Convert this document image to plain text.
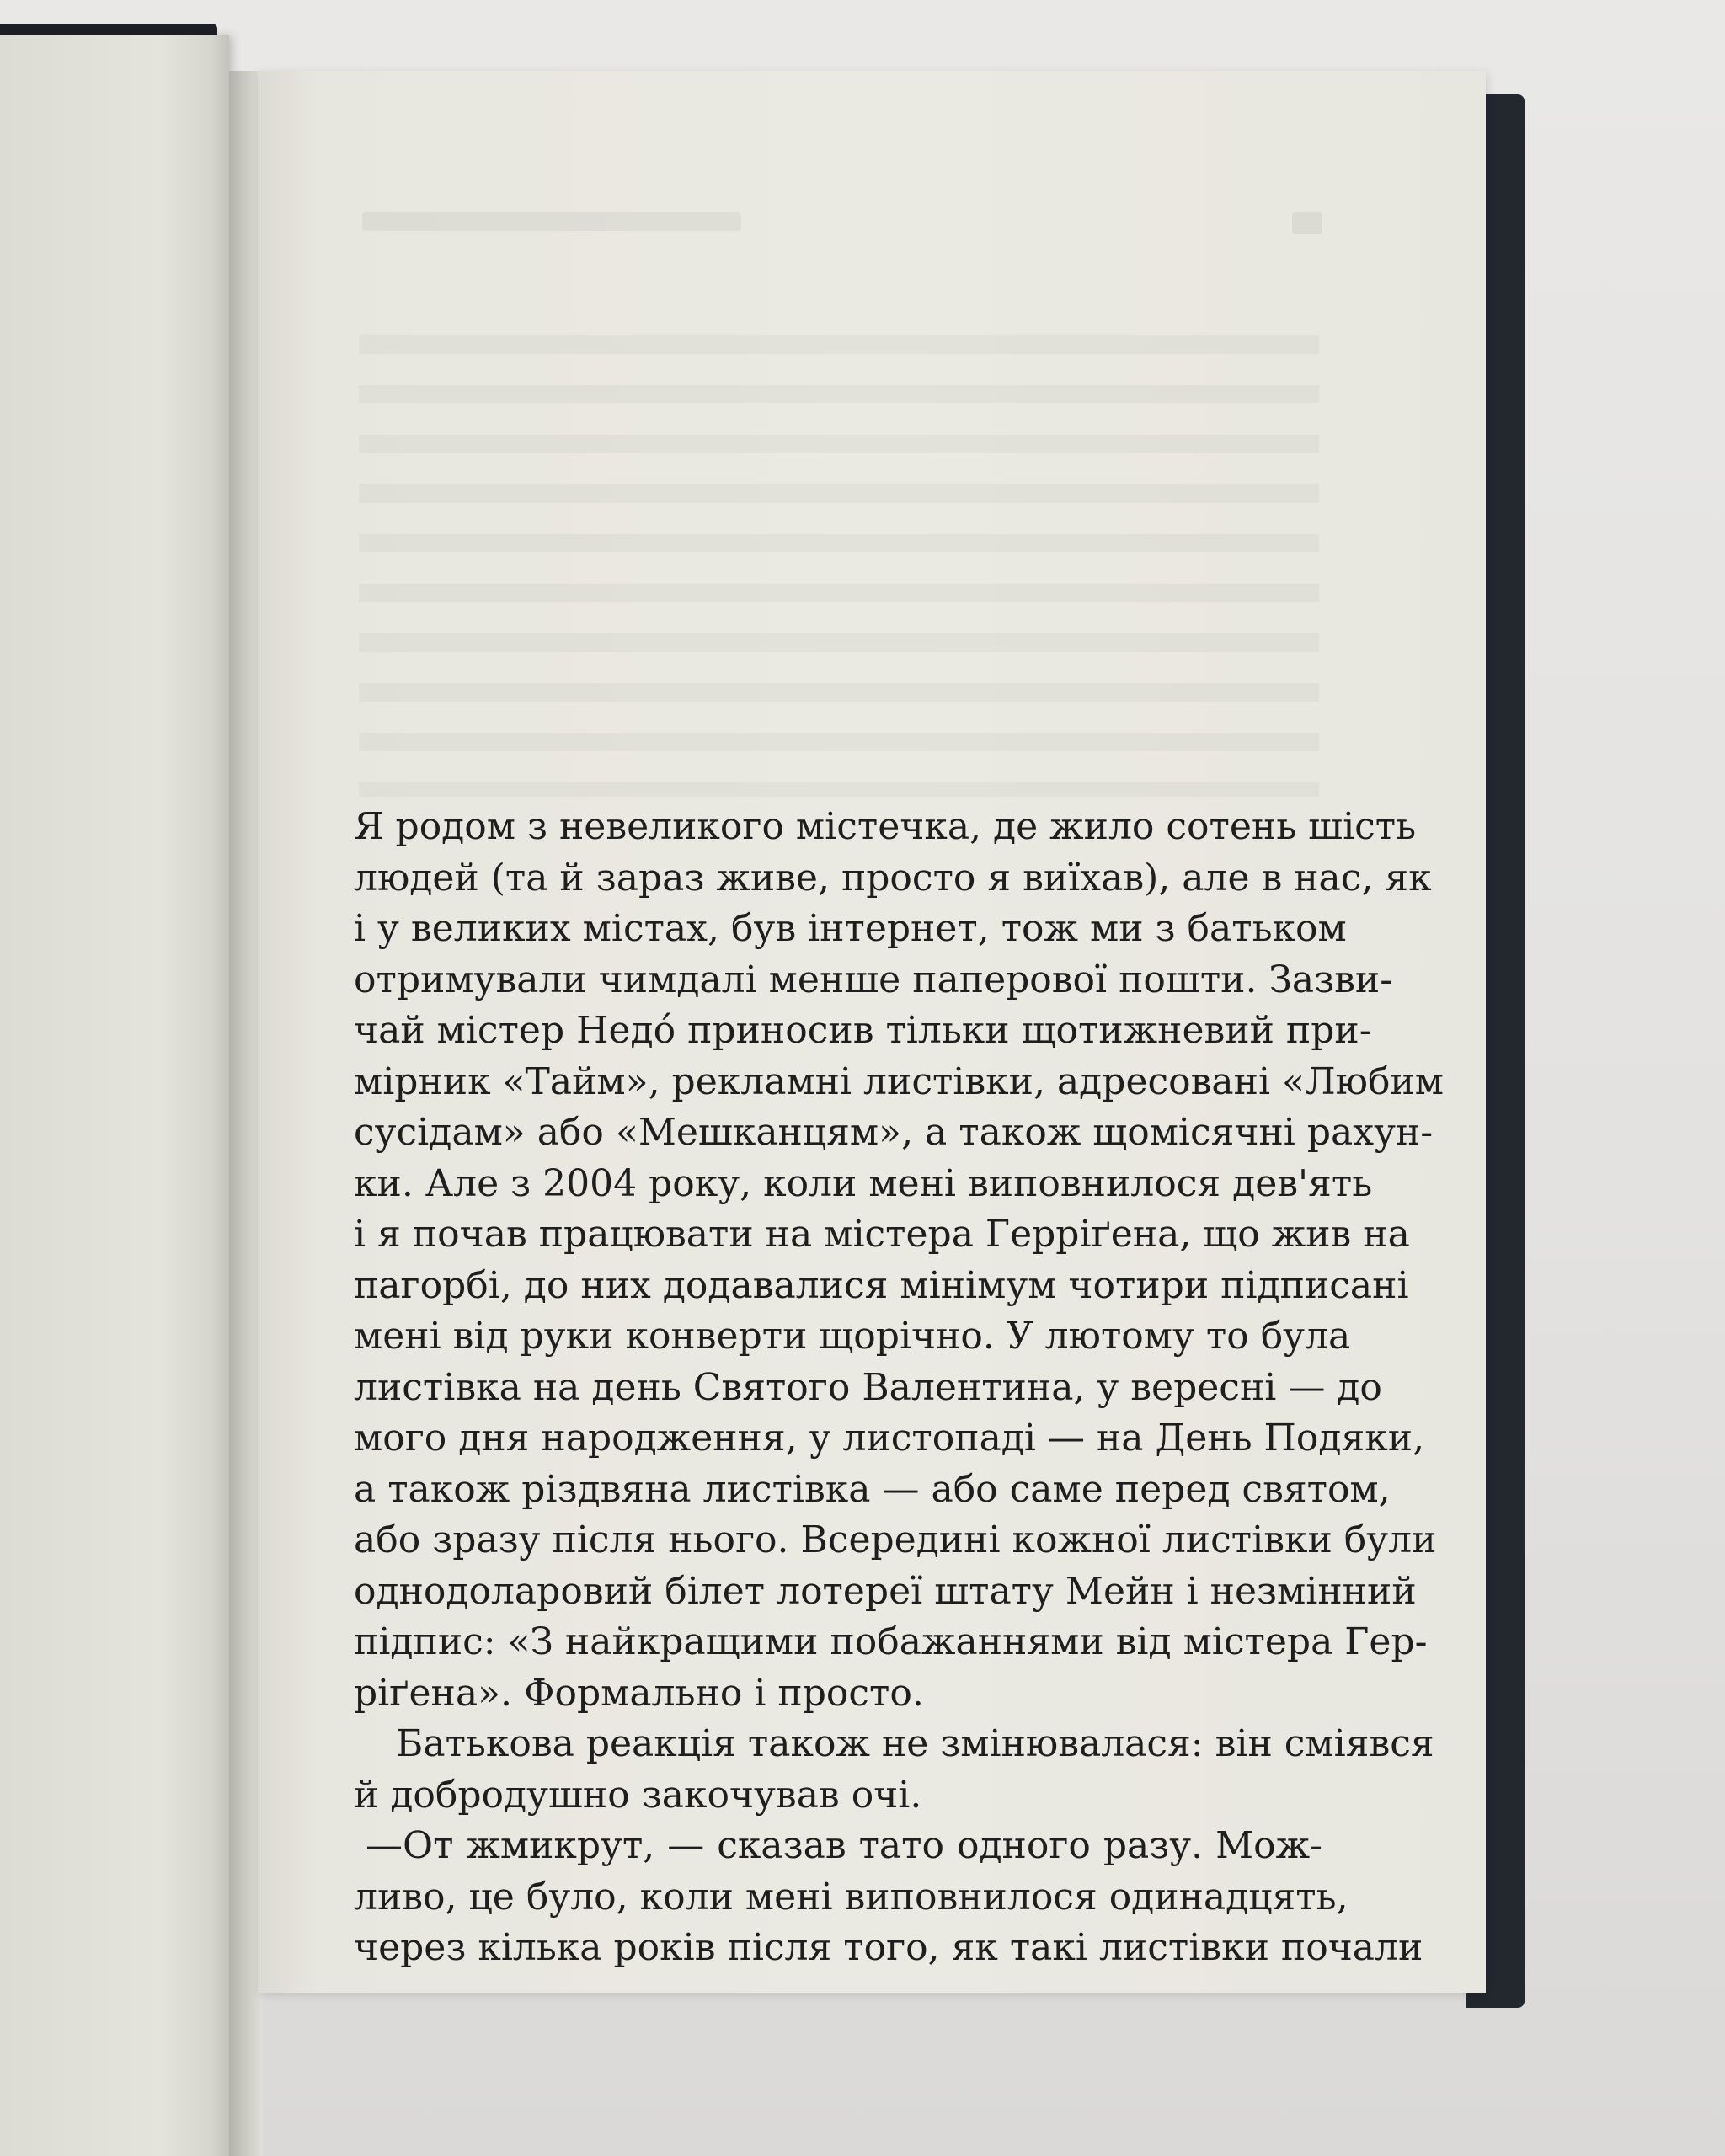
Я родом з невеликого містечка, де жило сотень шість
людей (та й зараз живе, просто я виїхав), але в нас, як
і у великих містах, був інтернет, тож ми з батьком
отримували чимдалі менше паперової пошти. Зазви-
чай містер Недó приносив тільки щотижневий при-
мірник «Тайм», рекламні листівки, адресовані «Любим
сусідам» або «Мешканцям», а також щомісячні рахун-
ки. Але з 2004 року, коли мені виповнилося дев'ять
і я почав працювати на містера Герріґена, що жив на
пагорбі, до них додавалися мінімум чотири підписані
мені від руки конверти щорічно. У лютому то була
листівка на день Святого Валентина, у вересні — до
мого дня народження, у листопаді — на День Подяки,
а також різдвяна листівка — або саме перед святом,
або зразу після нього. Всередині кожної листівки були
однодоларовий білет лотереї штату Мейн і незмінний
підпис: «З найкращими побажаннями від містера Гер-
ріґена». Формально і просто.
Батькова реакція також не змінювалася: він сміявся
й добродушно закочував очі.
—От жмикрут, — сказав тато одного разу. Мож-
ливо, це було, коли мені виповнилося одинадцять,
через кілька років після того, як такі листівки почали
